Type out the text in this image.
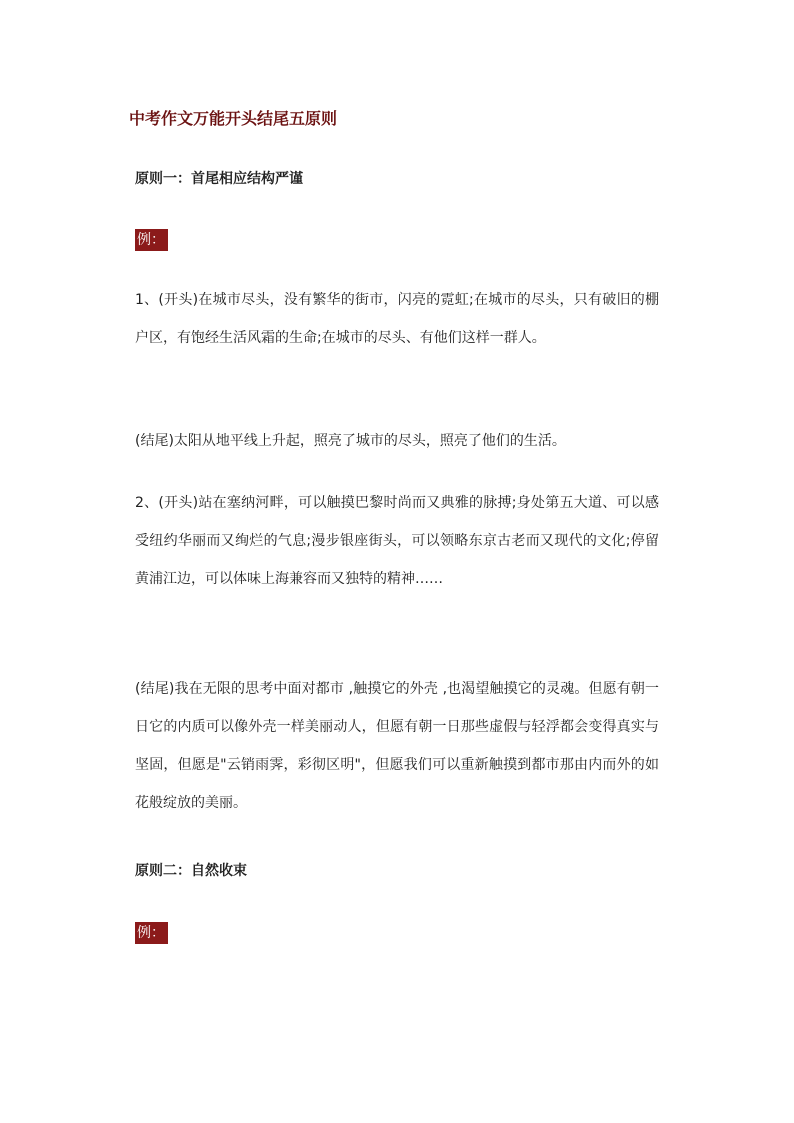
中考作文万能开头结尾五原则
原则一：首尾相应结构严谨
例：
1、(开头)在城市尽头，没有繁华的街市，闪亮的霓虹;在城市的尽头，只有破旧的棚户区，有饱经生活风霜的生命;在城市的尽头、有他们这样一群人。
(结尾)太阳从地平线上升起，照亮了城市的尽头，照亮了他们的生活。
2、(开头)站在塞纳河畔，可以触摸巴黎时尚而又典雅的脉搏;身处第五大道、可以感受纽约华丽而又绚烂的气息;漫步银座街头，可以领略东京古老而又现代的文化;停留黄浦江边，可以体味上海兼容而又独特的精神……
(结尾)我在无限的思考中面对都市 ,触摸它的外壳 ,也渴望触摸它的灵魂。但愿有朝一日它的内质可以像外壳一样美丽动人，但愿有朝一日那些虚假与轻浮都会变得真实与坚固，但愿是"云销雨霁，彩彻区明"，但愿我们可以重新触摸到都市那由内而外的如花般绽放的美丽。
原则二：自然收束
例：
